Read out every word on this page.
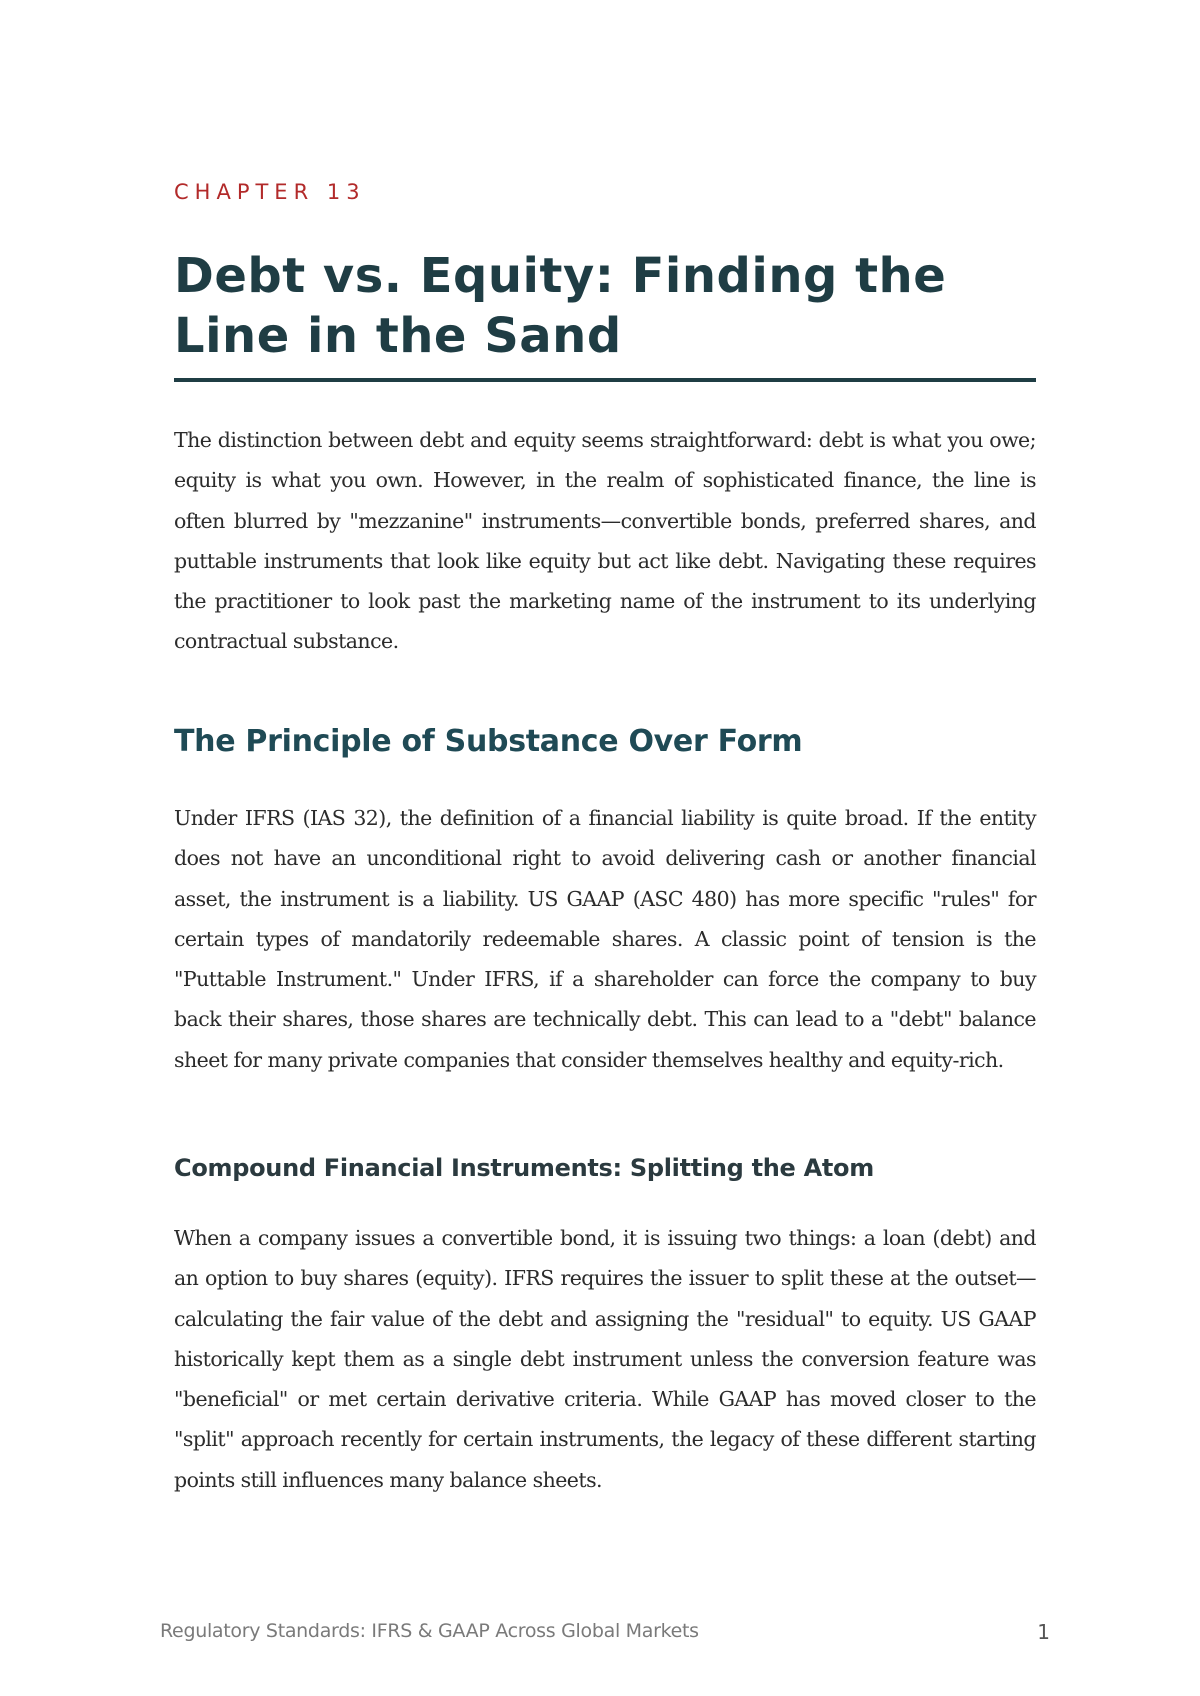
CHAPTER 13
Debt vs. Equity: Finding the Line in the Sand

The distinction between debt and equity seems straightforward: debt is what you owe; equity is what you own. However, in the realm of sophisticated finance, the line is often blurred by "mezzanine" instruments—convertible bonds, preferred shares, and puttable instruments that look like equity but act like debt. Navigating these requires the practitioner to look past the marketing name of the instrument to its underlying contractual substance.

The Principle of Substance Over Form

Under IFRS (IAS 32), the definition of a financial liability is quite broad. If the entity does not have an unconditional right to avoid delivering cash or another financial asset, the instrument is a liability. US GAAP (ASC 480) has more specific "rules" for certain types of mandatorily redeemable shares. A classic point of tension is the "Puttable Instrument." Under IFRS, if a shareholder can force the company to buy back their shares, those shares are technically debt. This can lead to a "debt" balance sheet for many private companies that consider themselves healthy and equity-rich.

Compound Financial Instruments: Splitting the Atom

When a company issues a convertible bond, it is issuing two things: a loan (debt) and an option to buy shares (equity). IFRS requires the issuer to split these at the outset—calculating the fair value of the debt and assigning the "residual" to equity. US GAAP historically kept them as a single debt instrument unless the conversion feature was "beneficial" or met certain derivative criteria. While GAAP has moved closer to the "split" approach recently for certain instruments, the legacy of these different starting points still influences many balance sheets.

Regulatory Standards: IFRS & GAAP Across Global Markets	1
